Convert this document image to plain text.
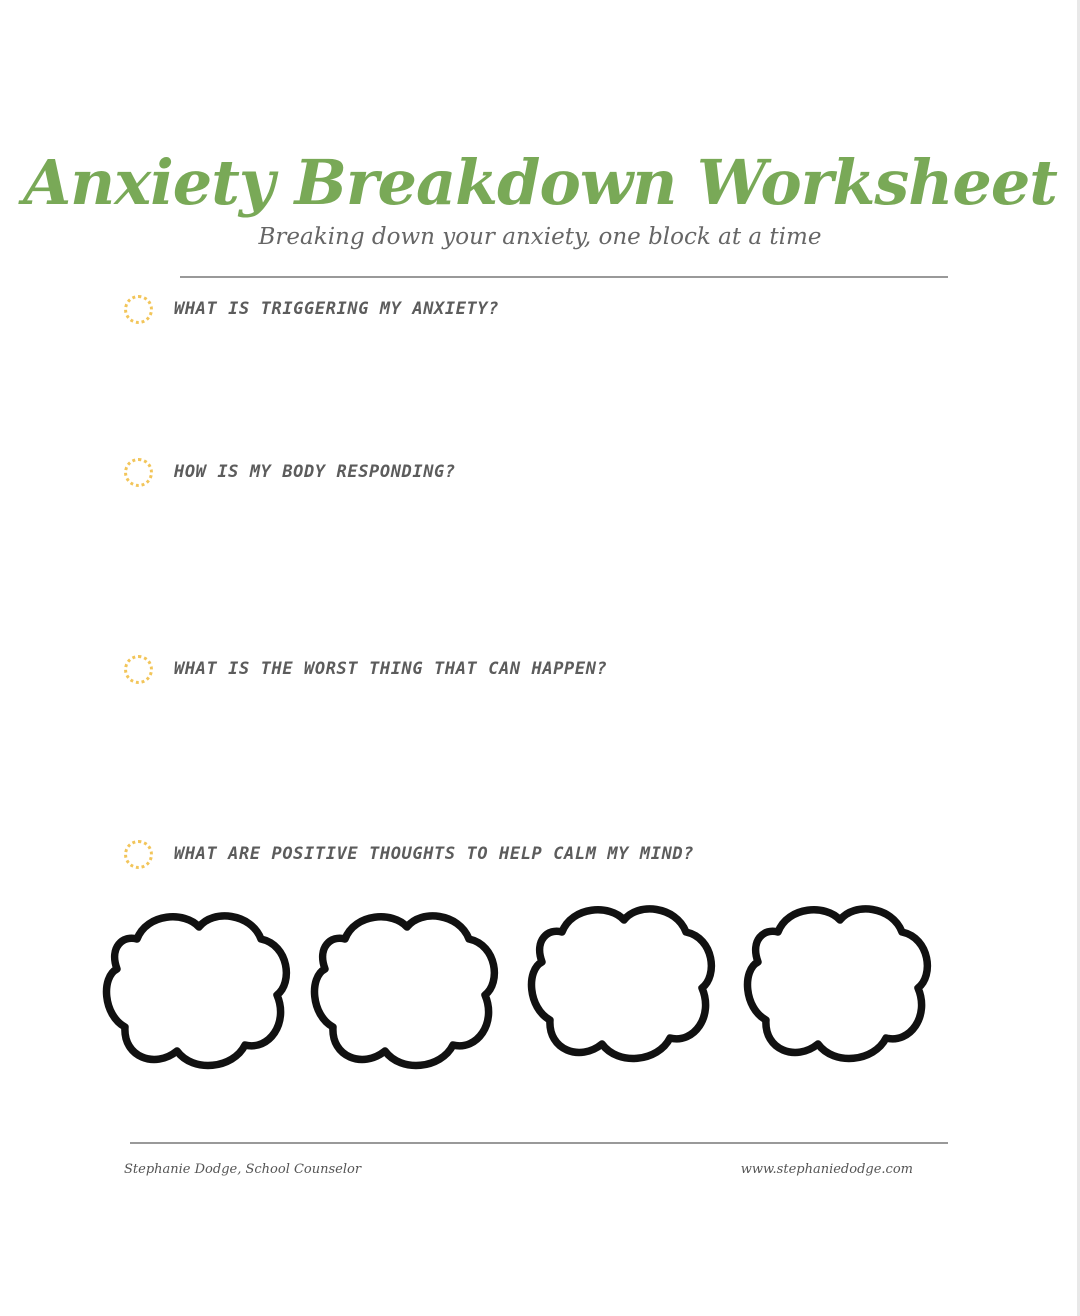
Anxiety Breakdown Worksheet

Breaking down your anxiety, one block at a time

WHAT IS TRIGGERING MY ANXIETY?
HOW IS MY BODY RESPONDING?
WHAT IS THE WORST THING THAT CAN HAPPEN?
WHAT ARE POSITIVE THOUGHTS TO HELP CALM MY MIND?
Stephanie Dodge, School Counselor	www.stephaniedodge.com
